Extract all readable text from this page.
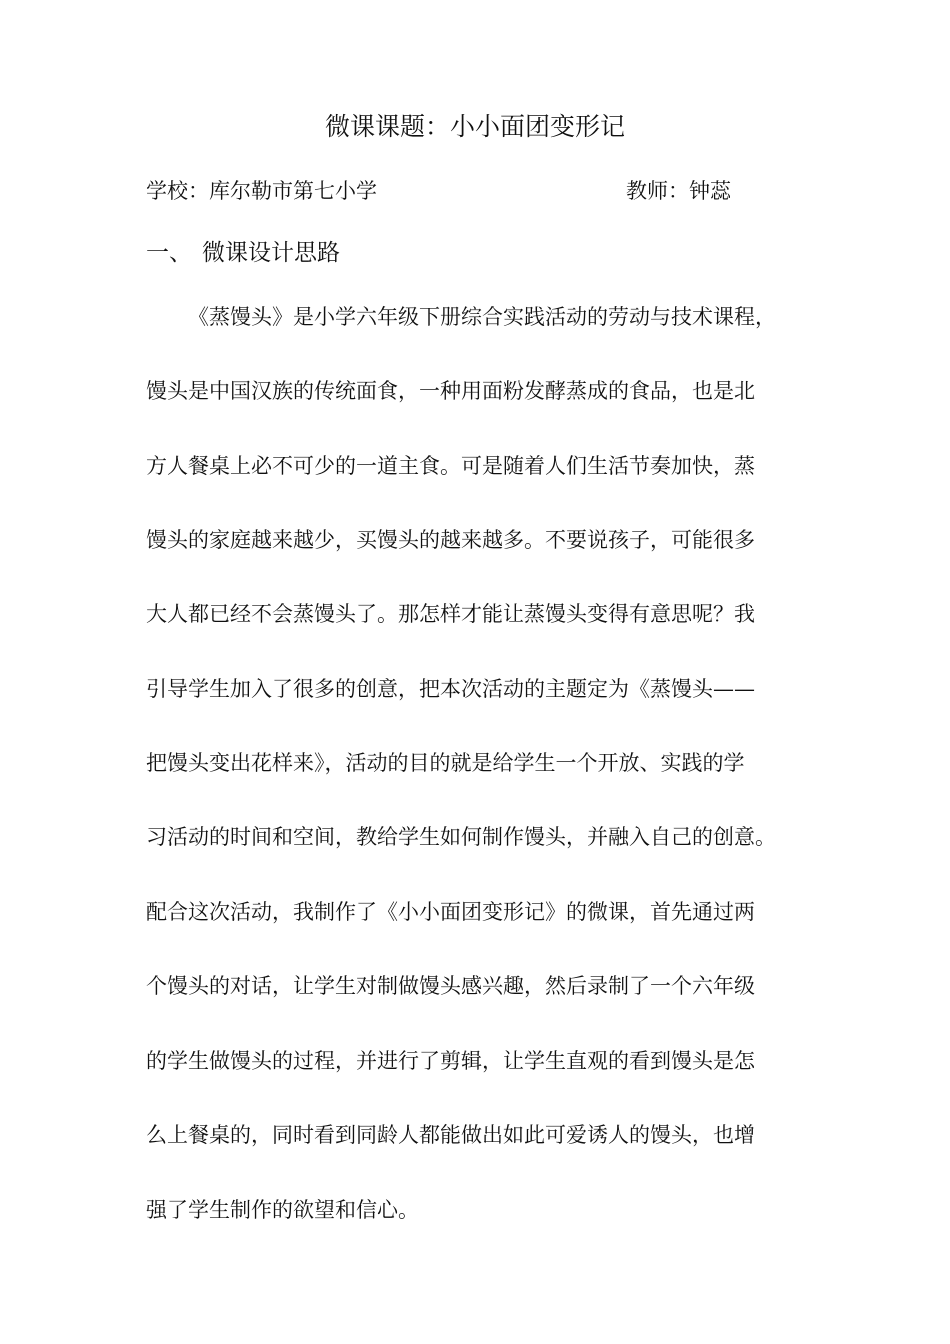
微课课题：小小面团变形记
学校：库尔勒市第七小学	教师：钟蕊
一、 微课设计思路
《蒸馒头》是小学六年级下册综合实践活动的劳动与技术课程，
馒头是中国汉族的传统面食，一种用面粉发酵蒸成的食品，也是北
方人餐桌上必不可少的一道主食。可是随着人们生活节奏加快，蒸
馒头的家庭越来越少，买馒头的越来越多。不要说孩子，可能很多
大人都已经不会蒸馒头了。那怎样才能让蒸馒头变得有意思呢？我
引导学生加入了很多的创意，把本次活动的主题定为《蒸馒头——
把馒头变出花样来》，活动的目的就是给学生一个开放、实践的学
习活动的时间和空间，教给学生如何制作馒头，并融入自己的创意。
配合这次活动，我制作了《小小面团变形记》的微课，首先通过两
个馒头的对话，让学生对制做馒头感兴趣，然后录制了一个六年级
的学生做馒头的过程，并进行了剪辑，让学生直观的看到馒头是怎
么上餐桌的，同时看到同龄人都能做出如此可爱诱人的馒头，也增
强了学生制作的欲望和信心。
